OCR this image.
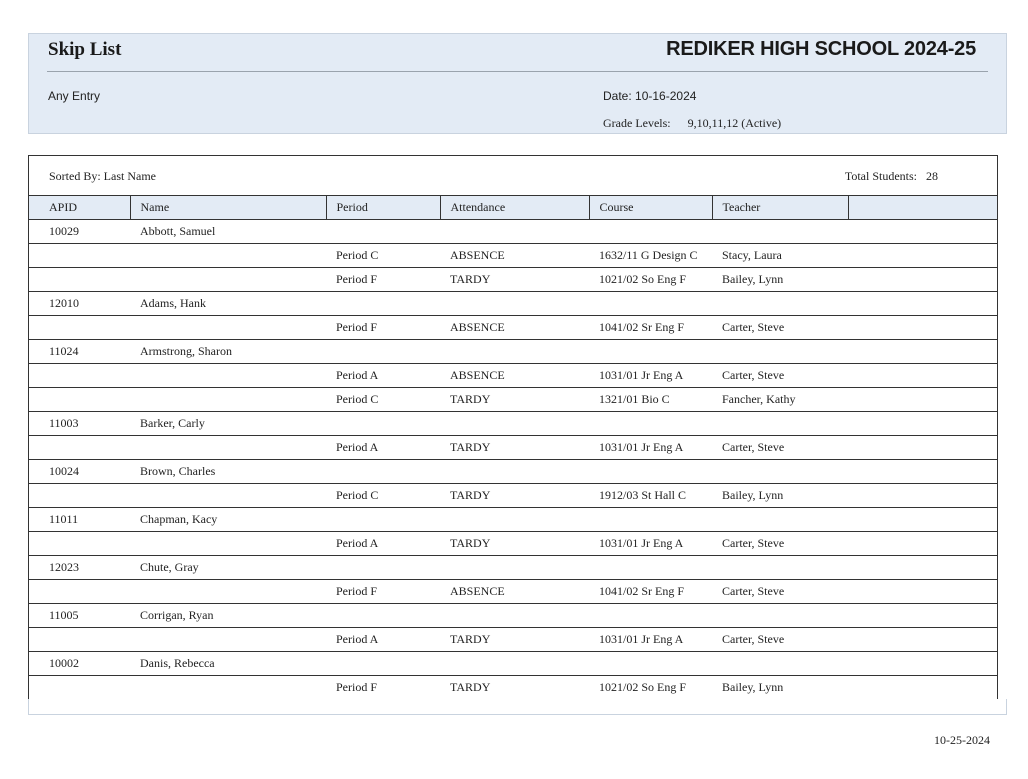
Skip List	REDIKER HIGH SCHOOL 2024-25
Any Entry	Date: 10-16-2024
Grade Levels: 9,10,11,12 (Active)
Sorted By: Last Name	Total Students: 28
APID	Name	Period	Attendance	Course	Teacher	
10029	Abbott, Samuel					
		Period C	ABSENCE	1632/11 G Design C	Stacy, Laura	
		Period F	TARDY	1021/02 So Eng F	Bailey, Lynn	
12010	Adams, Hank					
		Period F	ABSENCE	1041/02 Sr Eng F	Carter, Steve	
11024	Armstrong, Sharon					
		Period A	ABSENCE	1031/01 Jr Eng A	Carter, Steve	
		Period C	TARDY	1321/01 Bio C	Fancher, Kathy	
11003	Barker, Carly					
		Period A	TARDY	1031/01 Jr Eng A	Carter, Steve	
10024	Brown, Charles					
		Period C	TARDY	1912/03 St Hall C	Bailey, Lynn	
11011	Chapman, Kacy					
		Period A	TARDY	1031/01 Jr Eng A	Carter, Steve	
12023	Chute, Gray					
		Period F	ABSENCE	1041/02 Sr Eng F	Carter, Steve	
11005	Corrigan, Ryan					
		Period A	TARDY	1031/01 Jr Eng A	Carter, Steve	
10002	Danis, Rebecca					
		Period F	TARDY	1021/02 So Eng F	Bailey, Lynn	
10-25-2024
